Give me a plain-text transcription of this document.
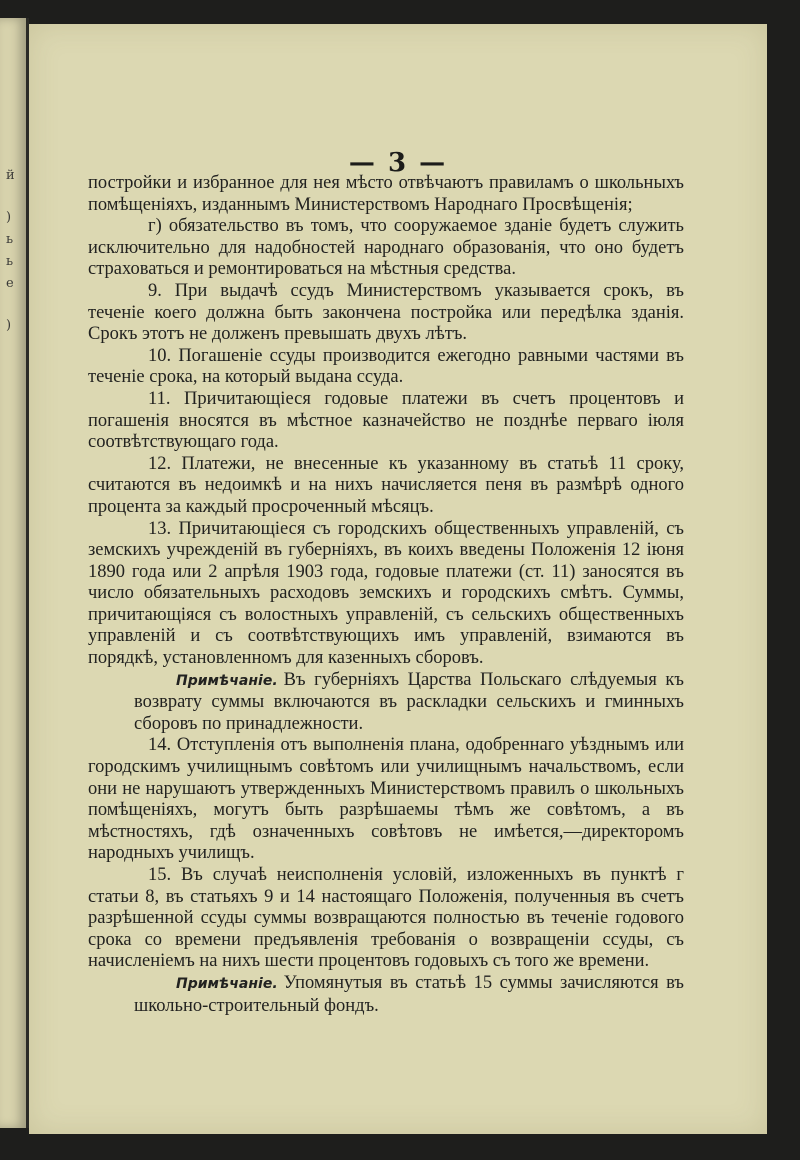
й
)
ь
ь
е
)
— 3 —

постройки и избранное для нея мѣсто отвѣчаютъ правиламъ о школьныхъ помѣщеніяхъ, изданнымъ Министерствомъ Народнаго Просвѣщенія;

г) обязательство въ томъ, что сооружаемое зданіе будетъ служить исключительно для надобностей народнаго образованія, что оно будетъ страховаться и ремонтироваться на мѣстныя средства.

9. При выдачѣ ссудъ Министерствомъ указывается срокъ, въ теченіе коего должна быть закончена постройка или передѣлка зданія. Срокъ этотъ не долженъ превышать двухъ лѣтъ.

10. Погашеніе ссуды производится ежегодно равными частями въ теченіе срока, на который выдана ссуда.

11. Причитающіеся годовые платежи въ счетъ процентовъ и погашенія вносятся въ мѣстное казначейство не позднѣе перваго іюля соотвѣтствующаго года.

12. Платежи, не внесенные къ указанному въ статьѣ 11 сроку, считаются въ недоимкѣ и на нихъ начисляется пеня въ размѣрѣ одного процента за каждый просроченный мѣсяцъ.

13. Причитающіеся съ городскихъ общественныхъ управленій, съ земскихъ учрежденій въ губерніяхъ, въ коихъ введены Положенія 12 іюня 1890 года или 2 апрѣля 1903 года, годовые платежи (ст. 11) заносятся въ число обязательныхъ расходовъ земскихъ и городскихъ смѣтъ. Суммы, причитающіяся съ волостныхъ управленій, съ сельскихъ общественныхъ управленій и съ соотвѣтствующихъ имъ управленій, взимаются въ порядкѣ, установленномъ для казенныхъ сборовъ.

Примѣчаніе. Въ губерніяхъ Царства Польскаго слѣдуемыя къ возврату суммы включаются въ раскладки сельскихъ и гминныхъ сборовъ по принадлежности.

14. Отступленія отъ выполненія плана, одобреннаго уѣзднымъ или городскимъ училищнымъ совѣтомъ или училищнымъ начальствомъ, если они не нарушаютъ утвержденныхъ Министерствомъ правилъ о школьныхъ помѣщеніяхъ, могутъ быть разрѣшаемы тѣмъ же совѣтомъ, а въ мѣстностяхъ, гдѣ означенныхъ совѣтовъ не имѣется,—директоромъ народныхъ училищъ.

15. Въ случаѣ неисполненія условій, изложенныхъ въ пунктѣ г статьи 8, въ статьяхъ 9 и 14 настоящаго Положенія, полученныя въ счетъ разрѣшенной ссуды суммы возвращаются полностью въ теченіе годового срока со времени предъявленія требованія о возвращеніи ссуды, съ начисленіемъ на нихъ шести процентовъ годовыхъ съ того же времени.

Примѣчаніе. Упомянутыя въ статьѣ 15 суммы зачисляются въ школьно-строительный фондъ.
